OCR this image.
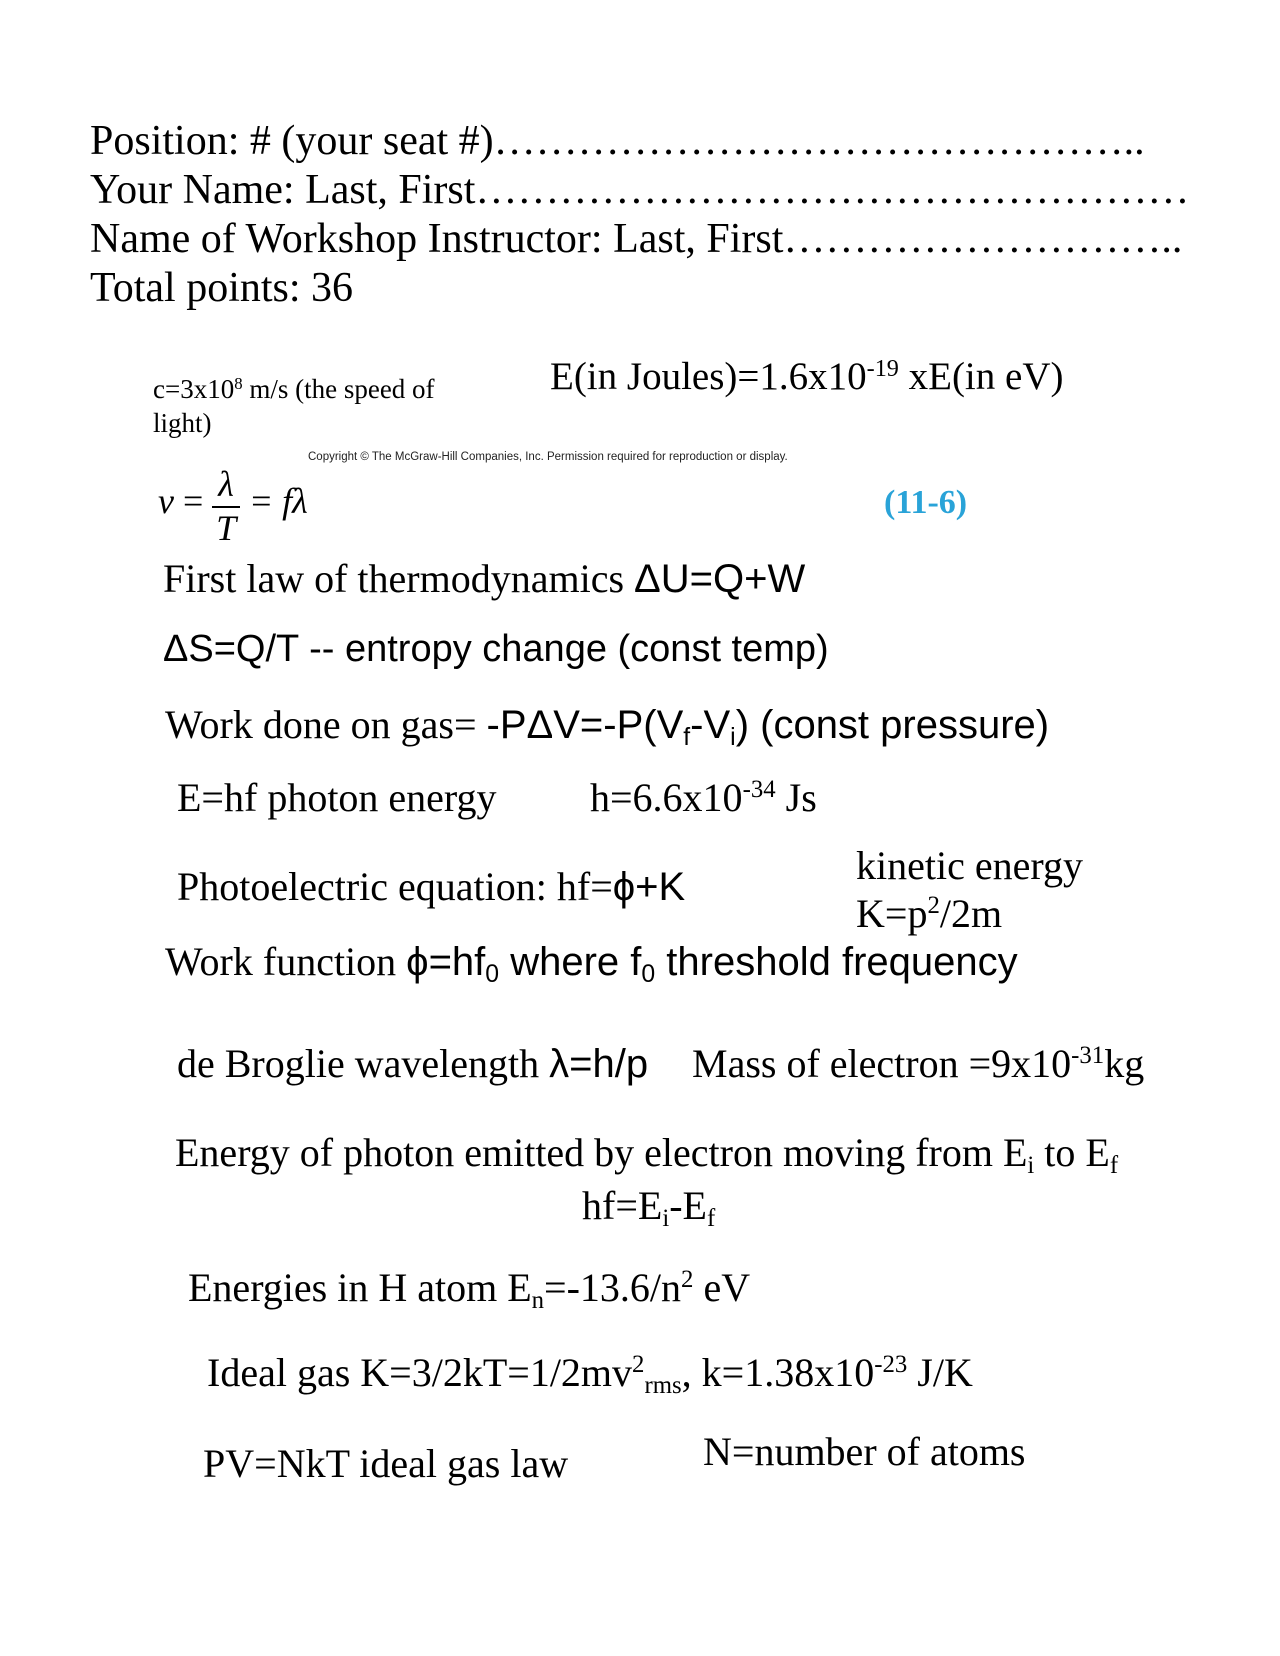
Position: # (your seat #)………………………………………..
Your Name: Last, First……………………………………………
Name of Workshop Instructor: Last, First………………………..
Total points: 36
$c=3x10^8$ m/s (the speed of
light)
E(in $Joules)=1.6x10^{-19}$ xE(in eV)
Copyright © The McGraw-Hill Companies, Inc. Permission required for reproduction or display.
$v = \frac{\lambda}{T} = f\lambda$	(11-6)
First law of thermodynamics ΔU=Q+W
ΔS=Q/T -- entropy change (const temp)
Work done on $gas= -P\Delta V=-P(V_f-V_i)$ (const pressure)
E=hf photon energy $h=6.6x10^{-34}$ Js
Photoelectric equation: hf=ϕ+K	kinetic energy
$K=p^2/2m$
Work function $\phi=hf_0$ where $f_0$ threshold frequency
de Broglie wavelength λ=h/p Mass of electron $=9x10^{-31}kg$
Energy of photon emitted by electron moving from $E_i$ to $E_f$
$hf=E_i-E_f$
Energies in H atom $E_n=-13.6/n^2$ eV
Ideal gas $K=3/2kT=1/2mv^2_{rms}$, $k=1.38x10^{-23}$ J/K
PV=NkT ideal gas law	N=number of atoms
